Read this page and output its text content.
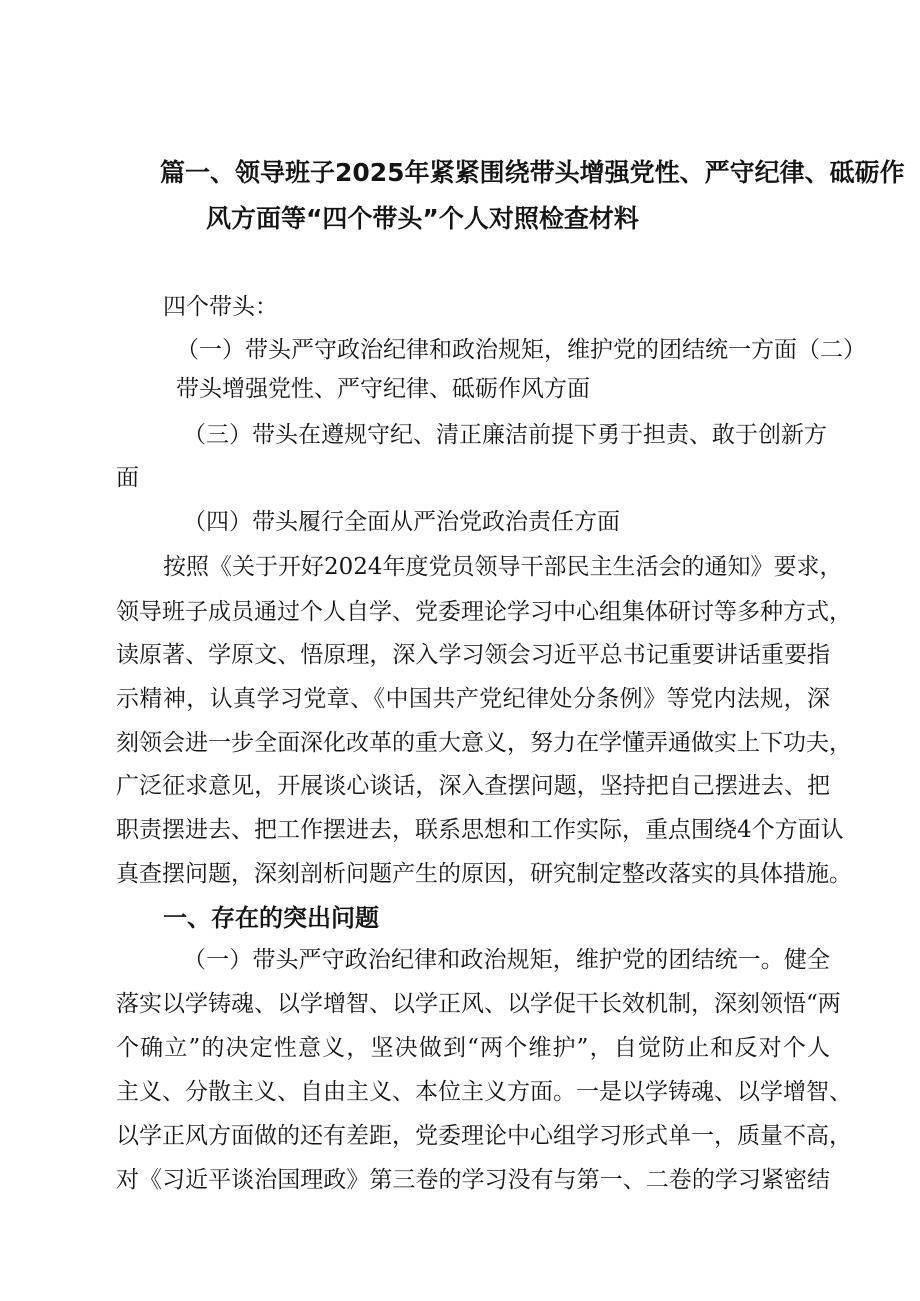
篇一、领导班子2025年紧紧围绕带头增强党性、严守纪律、砥砺作
风方面等“四个带头”个人对照检查材料
四个带头：
（一）带头严守政治纪律和政治规矩，维护党的团结统一方面（二）
带头增强党性、严守纪律、砥砺作风方面
（三）带头在遵规守纪、清正廉洁前提下勇于担责、敢于创新方
面
（四）带头履行全面从严治党政治责任方面
按照《关于开好2024年度党员领导干部民主生活会的通知》要求，
领导班子成员通过个人自学、党委理论学习中心组集体研讨等多种方式，
读原著、学原文、悟原理，深入学习领会习近平总书记重要讲话重要指
示精神，认真学习党章、《中国共产党纪律处分条例》等党内法规，深
刻领会进一步全面深化改革的重大意义，努力在学懂弄通做实上下功夫，
广泛征求意见，开展谈心谈话，深入查摆问题，坚持把自己摆进去、把
职责摆进去、把工作摆进去，联系思想和工作实际，重点围绕4个方面认
真查摆问题，深刻剖析问题产生的原因，研究制定整改落实的具体措施。
一、存在的突出问题
（一）带头严守政治纪律和政治规矩，维护党的团结统一。健全
落实以学铸魂、以学增智、以学正风、以学促干长效机制，深刻领悟“两
个确立”的决定性意义，坚决做到“两个维护”，自觉防止和反对个人
主义、分散主义、自由主义、本位主义方面。一是以学铸魂、以学增智、
以学正风方面做的还有差距，党委理论中心组学习形式单一，质量不高，
对《习近平谈治国理政》第三卷的学习没有与第一、二卷的学习紧密结
